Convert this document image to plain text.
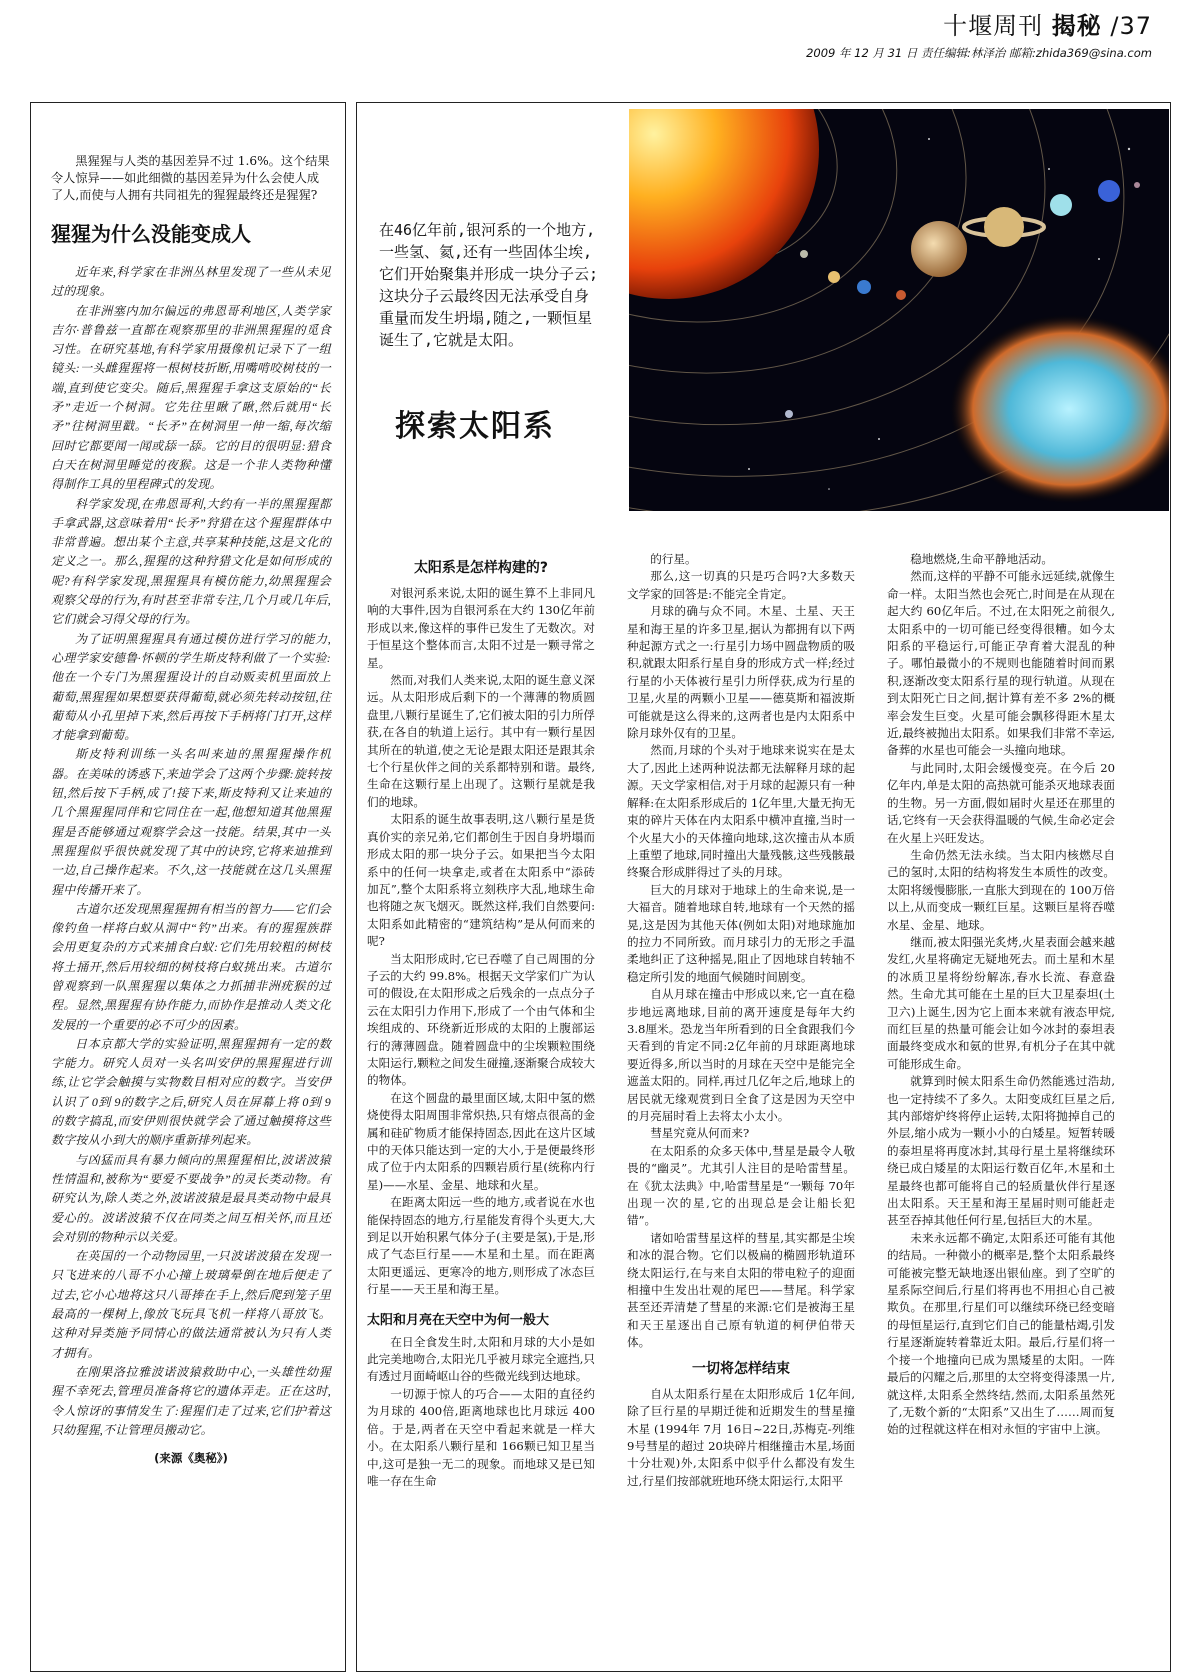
十堰周刊 揭秘 /37
2009 年 12 月 31 日 责任编辑:林泽治 邮箱:zhida369@sina.com

黑猩猩与人类的基因差异不过 1.6%。这个结果令人惊异——如此细微的基因差异为什么会使人成了人,而使与人拥有共同祖先的猩猩最终还是猩猩?

猩猩为什么没能变成人

近年来,科学家在非洲丛林里发现了一些从未见过的现象。

在非洲塞内加尔偏远的弗恩哥利地区,人类学家吉尔·普鲁兹一直都在观察那里的非洲黑猩猩的觅食习性。在研究基地,有科学家用摄像机记录下了一组镜头:一头雌猩猩将一根树枝折断,用嘴啃咬树枝的一端,直到使它变尖。随后,黑猩猩手拿这支原始的“长矛”走近一个树洞。它先往里瞅了瞅,然后就用“长矛”往树洞里戳。“长矛”在树洞里一伸一缩,每次缩回时它都要闻一闻或舔一舔。它的目的很明显:猎食白天在树洞里睡觉的夜猴。这是一个非人类物种懂得制作工具的里程碑式的发现。

科学家发现,在弗恩哥利,大约有一半的黑猩猩都手拿武器,这意味着用“长矛”狩猎在这个猩猩群体中非常普遍。想出某个主意,共享某种技能,这是文化的定义之一。那么,猩猩的这种狩猎文化是如何形成的呢?有科学家发现,黑猩猩具有模仿能力,幼黑猩猩会观察父母的行为,有时甚至非常专注,几个月或几年后,它们就会习得父母的行为。

为了证明黑猩猩具有通过模仿进行学习的能力,心理学家安德鲁·怀顿的学生斯皮特利做了一个实验:他在一个专门为黑猩猩设计的自动贩卖机里面放上葡萄,黑猩猩如果想要获得葡萄,就必须先转动按钮,往葡萄从小孔里掉下来,然后再按下手柄将门打开,这样才能拿到葡萄。

斯皮特利训练一头名叫来迪的黑猩猩操作机器。在美味的诱惑下,来迪学会了这两个步骤:旋转按钮,然后按下手柄,成了!接下来,斯皮特利又让来迪的几个黑猩猩同伴和它同住在一起,他想知道其他黑猩猩是否能够通过观察学会这一技能。结果,其中一头黑猩猩似乎很快就发现了其中的诀窍,它将来迪推到一边,自己操作起来。不久,这一技能就在这几头黑猩猩中传播开来了。

古道尔还发现黑猩猩拥有相当的智力——它们会像钓鱼一样将白蚁从洞中“钓”出来。有的猩猩族群会用更复杂的方式来捕食白蚁:它们先用较粗的树枝将土捅开,然后用较细的树枝将白蚁挑出来。古道尔曾观察到一队黑猩猩以集体之力抓捕非洲疣猴的过程。显然,黑猩猩有协作能力,而协作是推动人类文化发展的一个重要的必不可少的因素。

日本京都大学的实验证明,黑猩猩拥有一定的数字能力。研究人员对一头名叫安伊的黑猩猩进行训练,让它学会触摸与实物数目相对应的数字。当安伊认识了 0到 9的数字之后,研究人员在屏幕上将 0到 9的数字搞乱,而安伊则很快就学会了通过触摸将这些数字按从小到大的顺序重新排列起来。

与凶猛而具有暴力倾向的黑猩猩相比,波诺波猿性情温和,被称为“要爱不要战争”的灵长类动物。有研究认为,除人类之外,波诺波猿是最具类动物中最具爱心的。波诺波猿不仅在同类之间互相关怀,而且还会对别的物种示以关爱。

在英国的一个动物园里,一只波诺波猿在发现一只飞进来的八哥不小心撞上玻璃晕倒在地后便走了过去,它小心地将这只八哥捧在手上,然后爬到笼子里最高的一棵树上,像放飞玩具飞机一样将八哥放飞。这种对异类施予同情心的做法通常被认为只有人类才拥有。

在刚果洛拉雅波诺波猿救助中心,一头雄性幼猩猩不幸死去,管理员准备将它的遗体弄走。正在这时,令人惊讶的事情发生了:猩猩们走了过来,它们护着这只幼猩猩,不让管理员搬动它。

(来源《奥秘》)

在46亿年前,银河系的一个地方,一些氢、氦,还有一些固体尘埃,它们开始聚集并形成一块分子云;这块分子云最终因无法承受自身重量而发生坍塌,随之,一颗恒星诞生了,它就是太阳。

探索太阳系
太阳系是怎样构建的?

对银河系来说,太阳的诞生算不上非同凡响的大事件,因为自银河系在大约 130亿年前形成以来,像这样的事件已发生了无数次。对于恒星这个整体而言,太阳不过是一颗寻常之星。

然而,对我们人类来说,太阳的诞生意义深远。从太阳形成后剩下的一个薄薄的物质圆盘里,八颗行星诞生了,它们被太阳的引力所俘获,在各自的轨道上运行。其中有一颗行星因其所在的轨道,使之无论是跟太阳还是跟其余七个行星伙伴之间的关系都特别和谐。最终,生命在这颗行星上出现了。这颗行星就是我们的地球。

太阳系的诞生故事表明,这八颗行星是货真价实的亲兄弟,它们都创生于因自身坍塌而形成太阳的那一块分子云。如果把当今太阳系中的任何一块拿走,或者在太阳系中“添砖加瓦”,整个太阳系将立刻秩序大乱,地球生命也将随之灰飞烟灭。既然这样,我们自然要问:太阳系如此精密的“建筑结构”是从何而来的呢?

当太阳形成时,它已吞噬了自己周围的分子云的大约 99.8%。根据天文学家们广为认可的假设,在太阳形成之后残余的一点点分子云在太阳引力作用下,形成了一个由气体和尘埃组成的、环绕新近形成的太阳的上腹部运行的薄薄圆盘。随着圆盘中的尘埃颗粒围绕太阳运行,颗粒之间发生碰撞,逐渐聚合成较大的物体。

在这个圆盘的最里面区域,太阳中氢的燃烧使得太阳周围非常炽热,只有熔点很高的金属和硅矿物质才能保持固态,因此在这片区域中的天体只能达到一定的大小,于是便最终形成了位于内太阳系的四颗岩质行星(统称内行星)——水星、金星、地球和火星。

在距离太阳远一些的地方,或者说在水也能保持固态的地方,行星能发育得个头更大,大到足以开始积累气体分子(主要是氢),于是,形成了气态巨行星——木星和土星。而在距离太阳更遥远、更寒冷的地方,则形成了冰态巨行星——天王星和海王星。

太阳和月亮在天空中为何一般大

在日全食发生时,太阳和月球的大小是如此完美地吻合,太阳光几乎被月球完全遮挡,只有透过月面崎岖山谷的些微光线到达地球。

一切源于惊人的巧合——太阳的直径约为月球的 400倍,距离地球也比月球远 400倍。于是,两者在天空中看起来就是一样大小。在太阳系八颗行星和 166颗已知卫星当中,这可是独一无二的现象。而地球又是已知唯一存在生命

的行星。

那么,这一切真的只是巧合吗?大多数天文学家的回答是:不能完全肯定。

月球的确与众不同。木星、土星、天王星和海王星的许多卫星,据认为都拥有以下两种起源方式之一:行星引力场中圆盘物质的吸积,就跟太阳系行星自身的形成方式一样;经过行星的小天体被行星引力所俘获,成为行星的卫星,火星的两颗小卫星——德莫斯和福波斯可能就是这么得来的,这两者也是内太阳系中除月球外仅有的卫星。

然而,月球的个头对于地球来说实在是太大了,因此上述两种说法都无法解释月球的起源。天文学家相信,对于月球的起源只有一种解释:在太阳系形成后的 1亿年里,大量无拘无束的碎片天体在内太阳系中横冲直撞,当时一个火星大小的天体撞向地球,这次撞击从本质上重塑了地球,同时撞出大量残骸,这些残骸最终聚合形成胖得过了头的月球。

巨大的月球对于地球上的生命来说,是一大福音。随着地球自转,地球有一个天然的摇晃,这是因为其他天体(例如太阳)对地球施加的拉力不同所致。而月球引力的无形之手温柔地纠正了这种摇晃,阻止了因地球自转轴不稳定所引发的地面气候随时间剧变。

自从月球在撞击中形成以来,它一直在稳步地远离地球,目前的离开速度是每年大约 3.8厘米。恐龙当年所看到的日全食跟我们今天看到的肯定不同:2亿年前的月球距离地球要近得多,所以当时的月球在天空中是能完全遮盖太阳的。同样,再过几亿年之后,地球上的居民就无缘观赏到日全食了这是因为天空中的月亮届时看上去将太小太小。

彗星究竟从何而来?

在太阳系的众多天体中,彗星是最令人敬畏的“幽灵”。尤其引人注目的是哈雷彗星。在《犹太法典》中,哈雷彗星是“一颗每 70年出现一次的星,它的出现总是会让船长犯错”。

诸如哈雷彗星这样的彗星,其实都是尘埃和冰的混合物。它们以极扁的椭圆形轨道环绕太阳运行,在与来自太阳的带电粒子的迎面相撞中生发出壮观的尾巴——彗尾。科学家甚至还弄清楚了彗星的来源:它们是被海王星和天王星逐出自己原有轨道的柯伊伯带天体。

一切将怎样结束

自从太阳系行星在太阳形成后 1亿年间,除了巨行星的早期迁徙和近期发生的彗星撞木星 (1994年 7月 16日~22日,苏梅克-列维 9号彗星的超过 20块碎片相继撞击木星,场面十分壮观)外,太阳系中似乎什么都没有发生过,行星们按部就班地环绕太阳运行,太阳平

稳地燃烧,生命平静地活动。

然而,这样的平静不可能永远延续,就像生命一样。太阳当然也会死亡,时间是在从现在起大约 60亿年后。不过,在太阳死之前很久,太阳系中的一切可能已经变得很糟。如今太阳系的平稳运行,可能正孕育着大混乱的种子。哪怕最微小的不规则也能随着时间而累积,逐渐改变太阳系行星的现行轨道。从现在到太阳死亡日之间,据计算有差不多 2%的概率会发生巨变。火星可能会飘移得距木星太近,最终被抛出太阳系。如果我们非常不幸运,备葬的水星也可能会一头撞向地球。

与此同时,太阳会缓慢变亮。在今后 20亿年内,单是太阳的高热就可能杀灭地球表面的生物。另一方面,假如届时火星还在那里的话,它终有一天会获得温暖的气候,生命必定会在火星上兴旺发达。

生命仍然无法永续。当太阳内核燃尽自己的氢时,太阳的结构将发生本质性的改变。太阳将缓慢膨胀,一直胀大到现在的 100万倍以上,从而变成一颗红巨星。这颗巨星将吞噬水星、金星、地球。

继而,被太阳强光炙烤,火星表面会越来越发红,火星将确定无疑地死去。而土星和木星的冰质卫星将纷纷解冻,春水长流、春意盎然。生命尤其可能在土星的巨大卫星泰坦(土卫六)上诞生,因为它上面本来就有液态甲烷,而红巨星的热量可能会让如今冰封的泰坦表面最终变成水和氨的世界,有机分子在其中就可能形成生命。

就算到时候太阳系生命仍然能逃过浩劫,也一定持续不了多久。太阳变成红巨星之后,其内部熔炉终将停止运转,太阳将抛掉自己的外层,缩小成为一颗小小的白矮星。短暂转暖的泰坦星将再度冰封,其母行星土星将继续环绕已成白矮星的太阳运行数百亿年,木星和土星最终也都可能将自己的轻质量伙伴行星逐出太阳系。天王星和海王星届时则可能赶走甚至吞掉其他任何行星,包括巨大的木星。

未来永远都不确定,太阳系还可能有其他的结局。一种微小的概率是,整个太阳系最终可能被完整无缺地逐出银仙座。到了空旷的星系际空间后,行星们将再也不用担心自己被欺负。在那里,行星们可以继续环绕已经变暗的母恒星运行,直到它们自己的能量枯竭,引发行星逐渐旋转着靠近太阳。最后,行星们将一个接一个地撞向已成为黑矮星的太阳。一阵最后的闪耀之后,那里的太空将变得漆黑一片,就这样,太阳系全然终结,然而,太阳系虽然死了,无数个新的“太阳系”又出生了……周而复始的过程就这样在相对永恒的宇宙中上演。
